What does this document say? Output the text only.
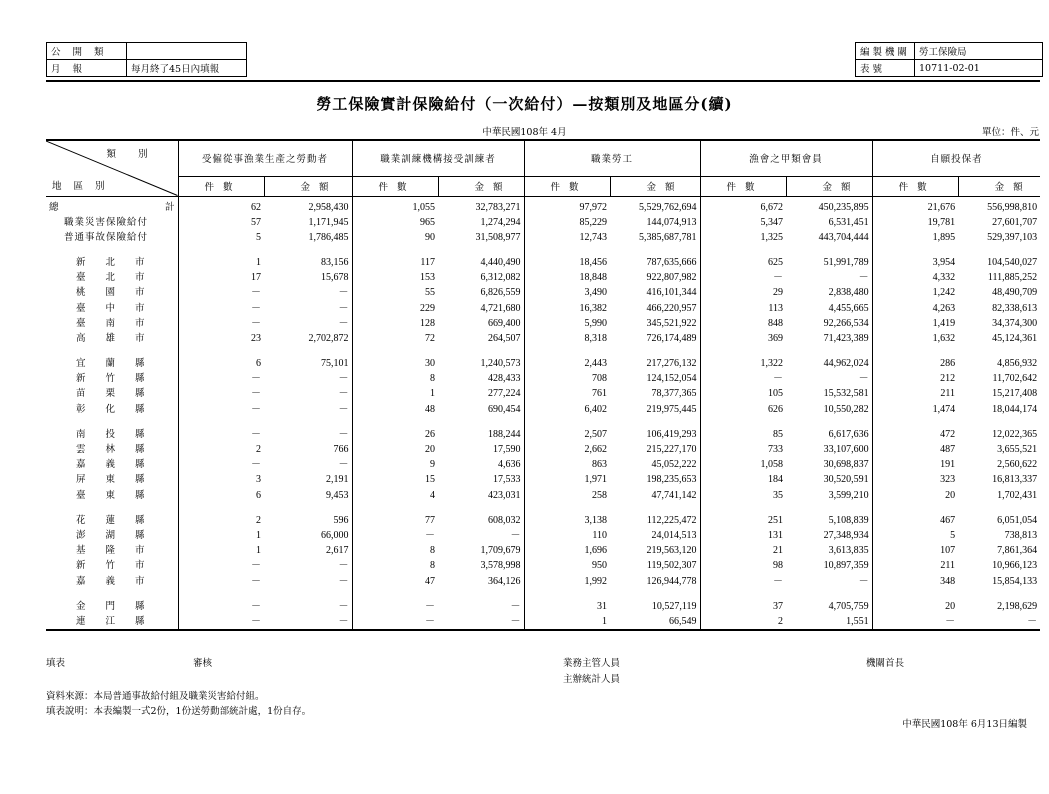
公開類	
月報	每月終了45日內填報
編製機關	勞工保險局
表號	10711-02-01
勞工保險實計保險給付（一次給付）—按類別及地區分(續)
中華民國108年 4月	單位：件、元
類別
地區別	受僱從事漁業生產之勞動者		職業訓練機構接受訓練者		職業勞工		漁會之甲類會員		自願投保者	
	件數	金額	件數	金額	件數	金額	件數	金額	件數	金額
總計	62	2,958,430	1,055	32,783,271	97,972	5,529,762,694	6,672	450,235,895	21,676	556,998,810
職業災害保險給付	57	1,171,945	965	1,274,294	85,229	144,074,913	5,347	6,531,451	19,781	27,601,707
普通事故保險給付	5	1,786,485	90	31,508,977	12,743	5,385,687,781	1,325	443,704,444	1,895	529,397,103

新北市	1	83,156	117	4,440,490	18,456	787,635,666	625	51,991,789	3,954	104,540,027
臺北市	17	15,678	153	6,312,082	18,848	922,807,982	－	－	4,332	111,885,252
桃園市	－	－	55	6,826,559	3,490	416,101,344	29	2,838,480	1,242	48,490,709
臺中市	－	－	229	4,721,680	16,382	466,220,957	113	4,455,665	4,263	82,338,613
臺南市	－	－	128	669,400	5,990	345,521,922	848	92,266,534	1,419	34,374,300
高雄市	23	2,702,872	72	264,507	8,318	726,174,489	369	71,423,389	1,632	45,124,361

宜蘭縣	6	75,101	30	1,240,573	2,443	217,276,132	1,322	44,962,024	286	4,856,932
新竹縣	－	－	8	428,433	708	124,152,054	－	－	212	11,702,642
苗栗縣	－	－	1	277,224	761	78,377,365	105	15,532,581	211	15,217,408
彰化縣	－	－	48	690,454	6,402	219,975,445	626	10,550,282	1,474	18,044,174

南投縣	－	－	26	188,244	2,507	106,419,293	85	6,617,636	472	12,022,365
雲林縣	2	766	20	17,590	2,662	215,227,170	733	33,107,600	487	3,655,521
嘉義縣	－	－	9	4,636	863	45,052,222	1,058	30,698,837	191	2,560,622
屏東縣	3	2,191	15	17,533	1,971	198,235,653	184	30,520,591	323	16,813,337
臺東縣	6	9,453	4	423,031	258	47,741,142	35	3,599,210	20	1,702,431

花蓮縣	2	596	77	608,032	3,138	112,225,472	251	5,108,839	467	6,051,054
澎湖縣	1	66,000	－	－	110	24,014,513	131	27,348,934	5	738,813
基隆市	1	2,617	8	1,709,679	1,696	219,563,120	21	3,613,835	107	7,861,364
新竹市	－	－	8	3,578,998	950	119,502,307	98	10,897,359	211	10,966,123
嘉義市	－	－	47	364,126	1,992	126,944,778	－	－	348	15,854,133

金門縣	－	－	－	－	31	10,527,119	37	4,705,759	20	2,198,629
連江縣	－	－	－	－	1	66,549	2	1,551	－	－
填表	審核	業務主管人員
主辦統計人員
機關首長
資料來源：本局普通事故給付組及職業災害給付組。
填表說明：本表編製一式2份，1份送勞動部統計處，1份自存。
中華民國108年 6月13日編製
